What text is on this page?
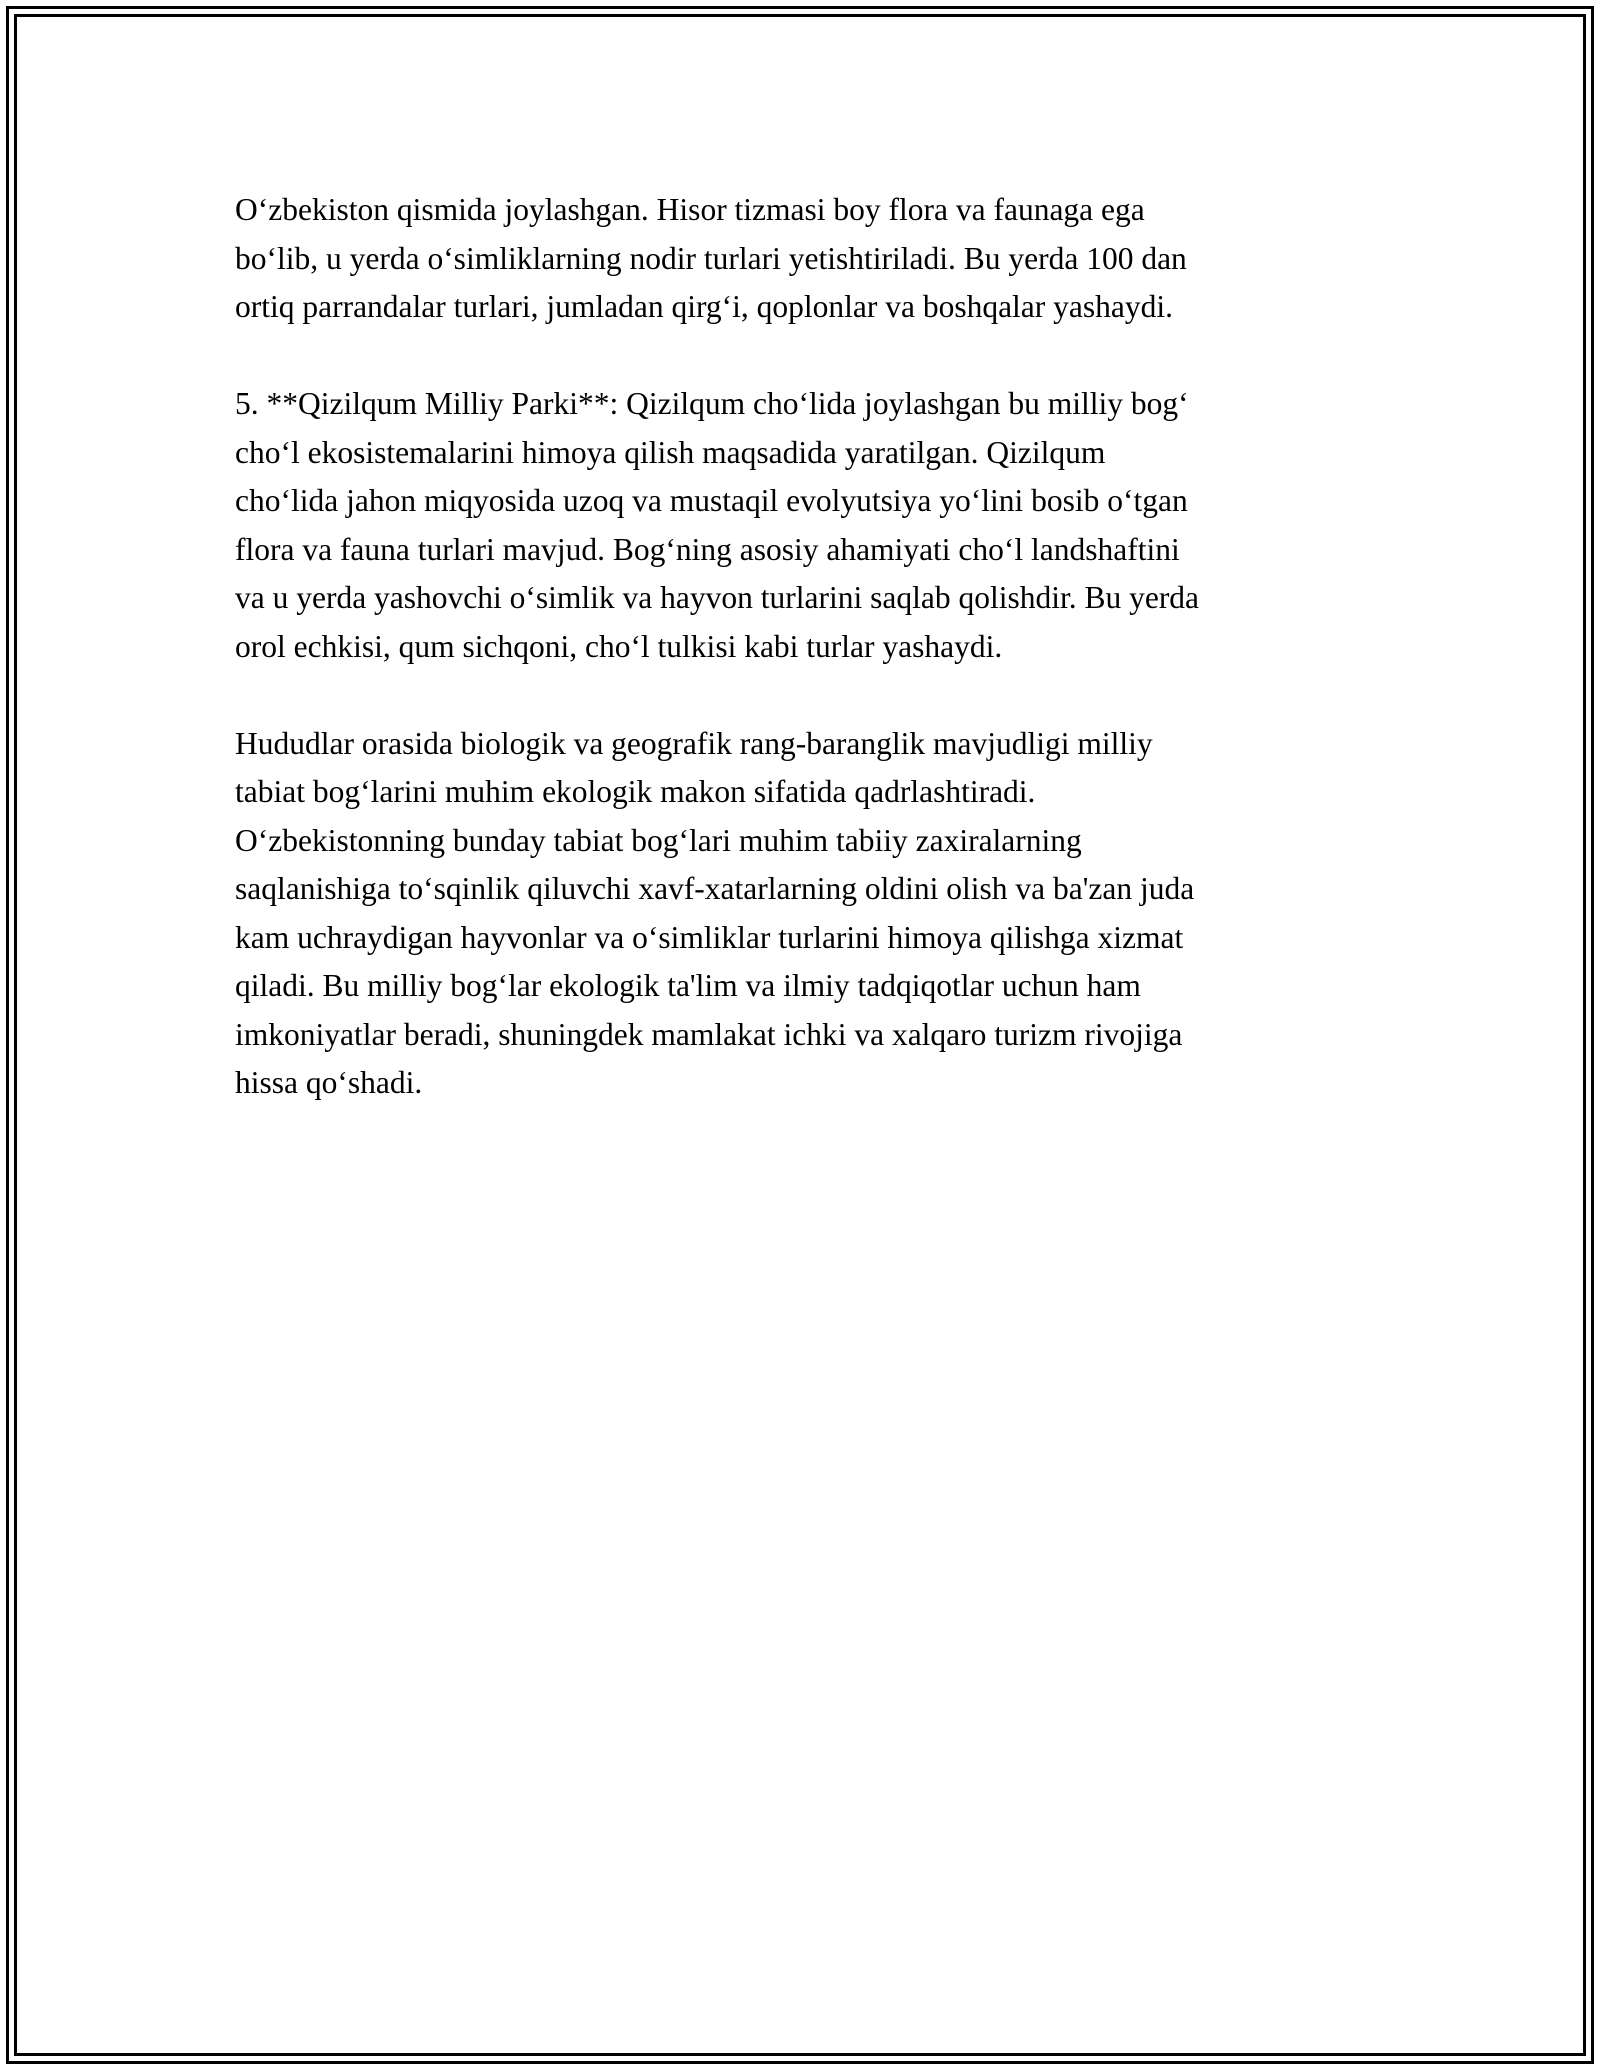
O‘zbekiston qismida joylashgan. Hisor tizmasi boy flora va faunaga ega
bo‘lib, u yerda o‘simliklarning nodir turlari yetishtiriladi. Bu yerda 100 dan
ortiq parrandalar turlari, jumladan qirg‘i, qoplonlar va boshqalar yashaydi.

5. **Qizilqum Milliy Parki**: Qizilqum cho‘lida joylashgan bu milliy bog‘
cho‘l ekosistemalarini himoya qilish maqsadida yaratilgan. Qizilqum
cho‘lida jahon miqyosida uzoq va mustaqil evolyutsiya yo‘lini bosib o‘tgan
flora va fauna turlari mavjud. Bog‘ning asosiy ahamiyati cho‘l landshaftini
va u yerda yashovchi o‘simlik va hayvon turlarini saqlab qolishdir. Bu yerda
orol echkisi, qum sichqoni, cho‘l tulkisi kabi turlar yashaydi.

Hududlar orasida biologik va geografik rang-baranglik mavjudligi milliy
tabiat bog‘larini muhim ekologik makon sifatida qadrlashtiradi.
O‘zbekistonning bunday tabiat bog‘lari muhim tabiiy zaxiralarning
saqlanishiga to‘sqinlik qiluvchi xavf-xatarlarning oldini olish va ba'zan juda
kam uchraydigan hayvonlar va o‘simliklar turlarini himoya qilishga xizmat
qiladi. Bu milliy bog‘lar ekologik ta'lim va ilmiy tadqiqotlar uchun ham
imkoniyatlar beradi, shuningdek mamlakat ichki va xalqaro turizm rivojiga
hissa qo‘shadi.
